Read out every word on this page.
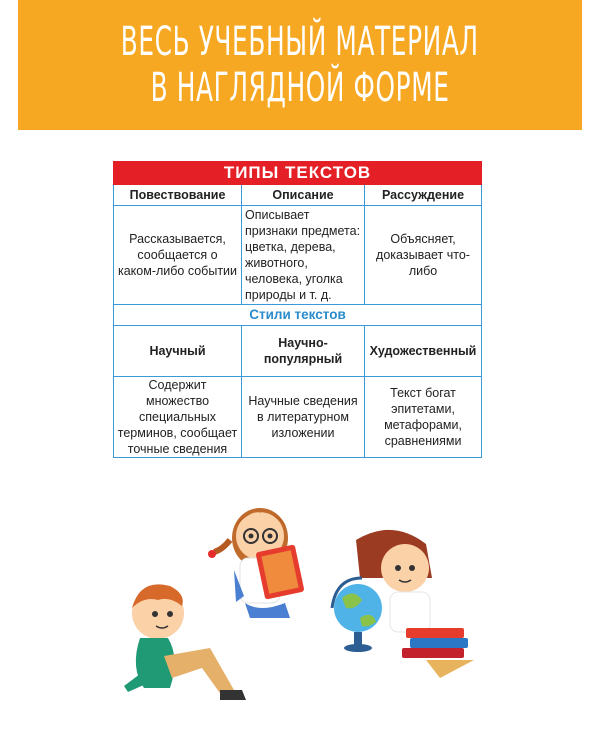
ВЕСЬ УЧЕБНЫЙ МАТЕРИАЛ
В НАГЛЯДНОЙ ФОРМЕ
ТИПЫ ТЕКСТОВ		
Повествование	Описание	Рассуждение
Рассказывается, сообщается о каком-либо событии	Описывает признаки предмета: цветка, дерева, животного, человека, уголка природы и т. д.	Объясняет, доказывает что-либо
Стили текстов		
Научный	Научно-популярный	Художественный
Содержит множество специальных терминов, сообщает точные сведения	Научные сведения в литературном изложении	Текст богат эпитетами, метафорами, сравнениями
